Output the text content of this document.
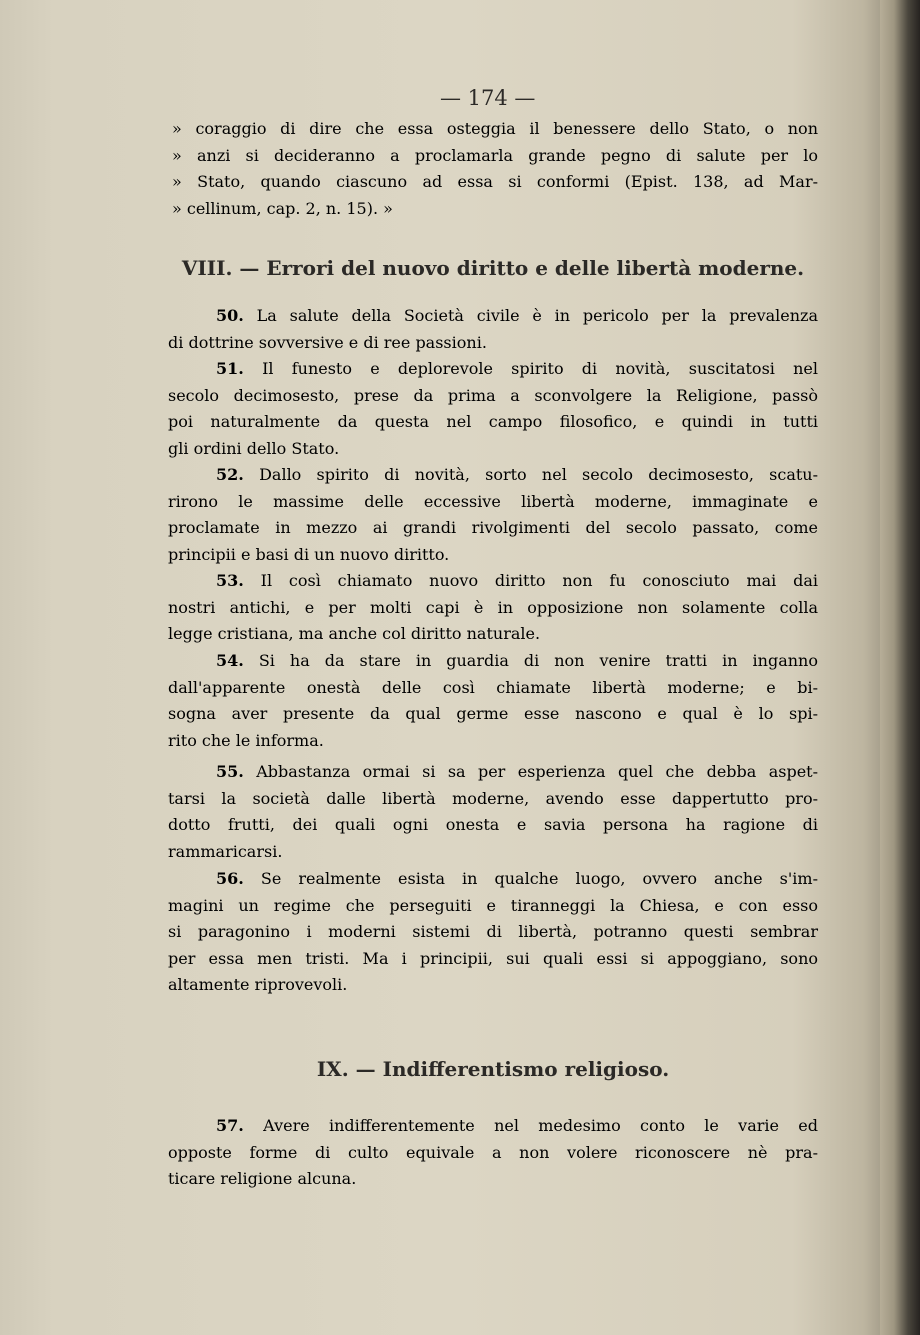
— 174 —
» coraggio di dire che essa osteggia il benessere dello Stato, o non
» anzi si decideranno a proclamarla grande pegno di salute per lo
» Stato, quando ciascuno ad essa si conformi (Epist. 138, ad Mar-
» cellinum, cap. 2, n. 15). »
VIII. — Errori del nuovo diritto e delle libertà moderne.
50. La salute della Società civile è in pericolo per la prevalenza
di dottrine sovversive e di ree passioni.
51. Il funesto e deplorevole spirito di novità, suscitatosi nel
secolo decimosesto, prese da prima a sconvolgere la Religione, passò
poi naturalmente da questa nel campo filosofico, e quindi in tutti
gli ordini dello Stato.
52. Dallo spirito di novità, sorto nel secolo decimosesto, scatu-
rirono le massime delle eccessive libertà moderne, immaginate e
proclamate in mezzo ai grandi rivolgimenti del secolo passato, come
principii e basi di un nuovo diritto.
53. Il così chiamato nuovo diritto non fu conosciuto mai dai
nostri antichi, e per molti capi è in opposizione non solamente colla
legge cristiana, ma anche col diritto naturale.
54. Si ha da stare in guardia di non venire tratti in inganno
dall'apparente onestà delle così chiamate libertà moderne; e bi-
sogna aver presente da qual germe esse nascono e qual è lo spi-
rito che le informa.
55. Abbastanza ormai si sa per esperienza quel che debba aspet-
tarsi la società dalle libertà moderne, avendo esse dappertutto pro-
dotto frutti, dei quali ogni onesta e savia persona ha ragione di
rammaricarsi.
56. Se realmente esista in qualche luogo, ovvero anche s'im-
magini un regime che perseguiti e tiranneggi la Chiesa, e con esso
si paragonino i moderni sistemi di libertà, potranno questi sembrar
per essa men tristi. Ma i principii, sui quali essi si appoggiano, sono
altamente riprovevoli.
IX. — Indifferentismo religioso.
57. Avere indifferentemente nel medesimo conto le varie ed
opposte forme di culto equivale a non volere riconoscere nè pra-
ticare religione alcuna.
